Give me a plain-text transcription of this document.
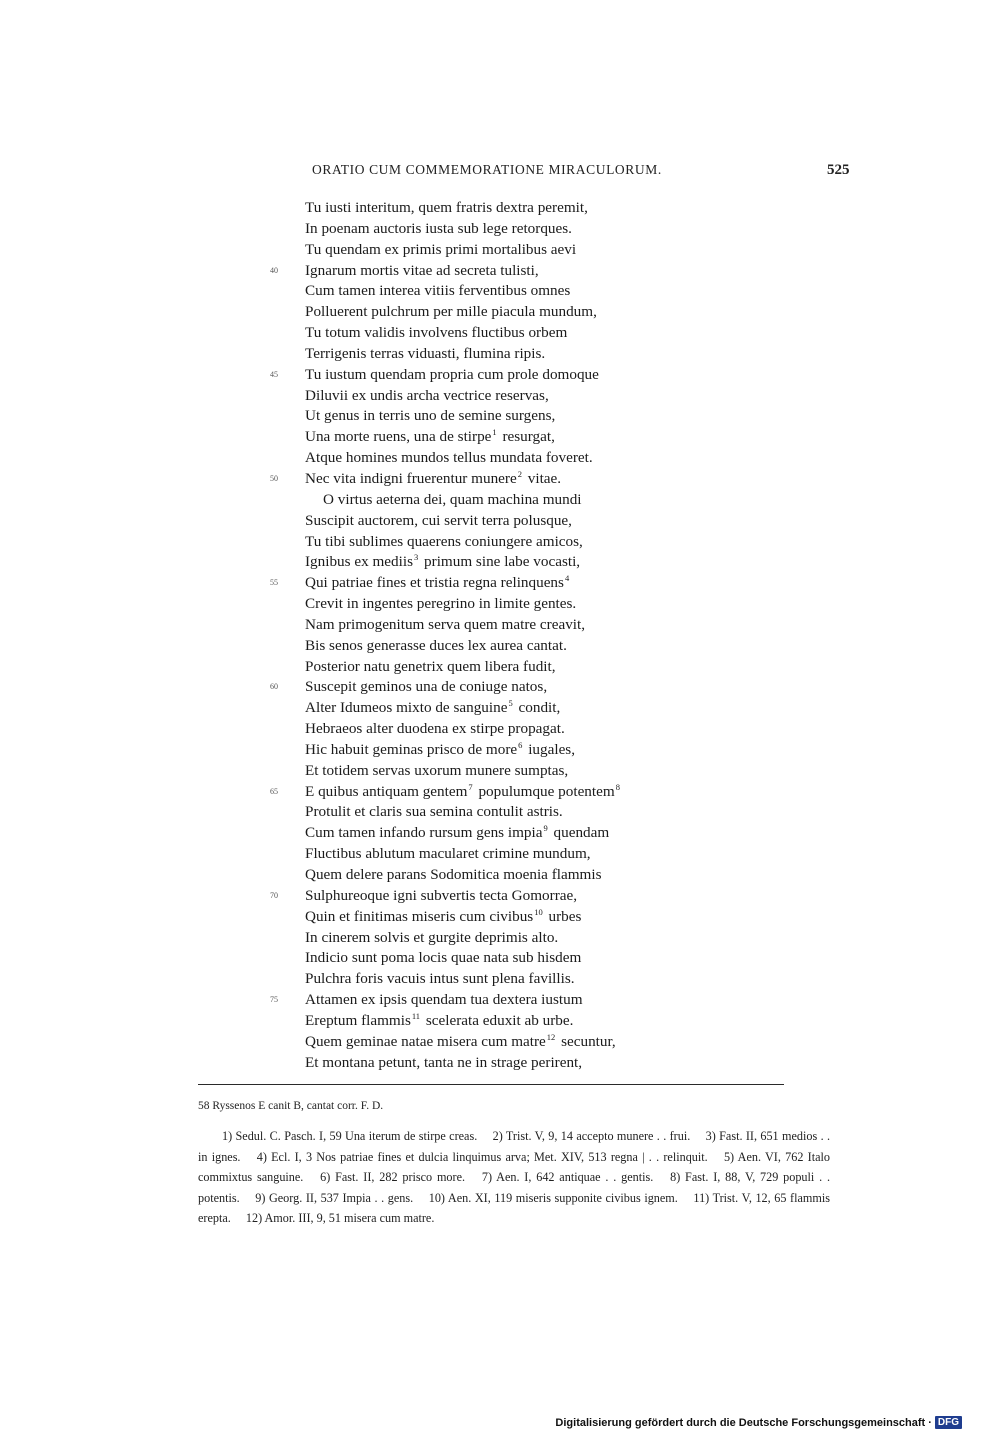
ORATIO CUM COMMEMORATIONE MIRACULORUM.	525
Tu iusti interitum, quem fratris dextra peremit,
In poenam auctoris iusta sub lege retorques.
Tu quendam ex primis primi mortalibus aevi
40	Ignarum mortis vitae ad secreta tulisti,
Cum tamen interea vitiis ferventibus omnes
Polluerent pulchrum per mille piacula mundum,
Tu totum validis involvens fluctibus orbem
Terrigenis terras viduasti, flumina ripis.
45	Tu iustum quendam propria cum prole domoque
Diluvii ex undis archa vectrice reservas,
Ut genus in terris uno de semine surgens,
Una morte ruens, una de stirpe$^1$ resurgat,
Atque homines mundos tellus mundata foveret.
50	Nec vita indigni fruerentur munere$^2$ vitae.
O virtus aeterna dei, quam machina mundi
Suscipit auctorem, cui servit terra polusque,
Tu tibi sublimes quaerens coniungere amicos,
Ignibus ex mediis$^3$ primum sine labe vocasti,
55	Qui patriae fines et tristia regna relinquens$^4$
Crevit in ingentes peregrino in limite gentes.
Nam primogenitum serva quem matre creavit,
Bis senos generasse duces lex aurea cantat.
Posterior natu genetrix quem libera fudit,
60	Suscepit geminos una de coniuge natos,
Alter Idumeos mixto de sanguine$^5$ condit,
Hebraeos alter duodena ex stirpe propagat.
Hic habuit geminas prisco de more$^6$ iugales,
Et totidem servas uxorum munere sumptas,
65	E quibus antiquam gentem$^7$ populumque potentem$^8$
Protulit et claris sua semina contulit astris.
Cum tamen infando rursum gens impia$^9$ quendam
Fluctibus ablutum macularet crimine mundum,
Quem delere parans Sodomitica moenia flammis
70	Sulphureoque igni subvertis tecta Gomorrae,
Quin et finitimas miseris cum civibus$^{10}$ urbes
In cinerem solvis et gurgite deprimis alto.
Indicio sunt poma locis quae nata sub hisdem
Pulchra foris vacuis intus sunt plena favillis.
75	Attamen ex ipsis quendam tua dextera iustum
Ereptum flammis$^{11}$ scelerata eduxit ab urbe.
Quem geminae natae misera cum matre$^{12}$ secuntur,
Et montana petunt, tanta ne in strage perirent,
58 Ryssenos E canit B, cantat corr. F. D.
1) Sedul. C. Pasch. I, 59 Una iterum de stirpe creas. 2) Trist. V, 9, 14 accepto munere . . frui. 3) Fast. II, 651 medios . . in ignes. 4) Ecl. I, 3 Nos patriae fines et dulcia linquimus arva; Met. XIV, 513 regna | . . relinquit. 5) Aen. VI, 762 Italo commixtus sanguine. 6) Fast. II, 282 prisco more. 7) Aen. I, 642 antiquae . . gentis. 8) Fast. I, 88, V, 729 populi . . potentis. 9) Georg. II, 537 Impia . . gens. 10) Aen. XI, 119 miseris supponite civibus ignem. 11) Trist. V, 12, 65 flammis erepta. 12) Amor. III, 9, 51 misera cum matre.
Digitalisierung gefördert durch die Deutsche Forschungsgemeinschaft · DFG
